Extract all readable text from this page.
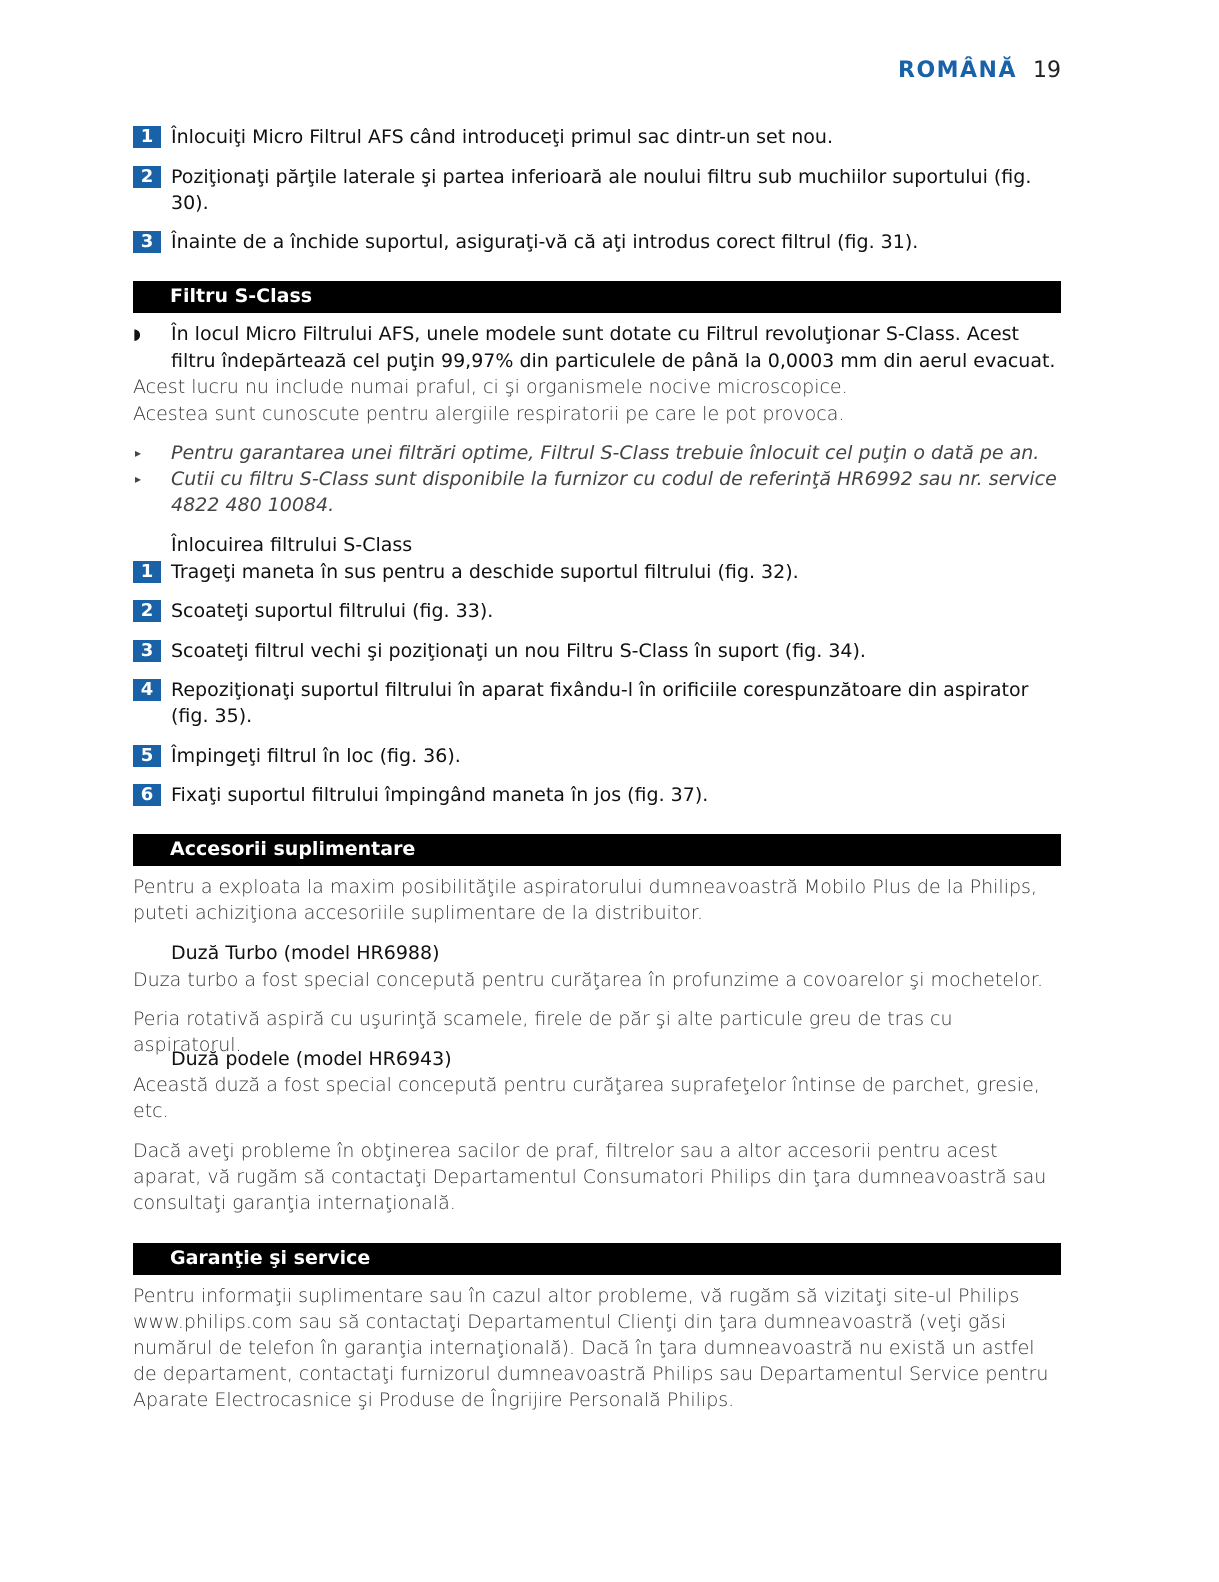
ROMÂNĂ 19
1 Înlocuiţi Micro Filtrul AFS când introduceţi primul sac dintr-un set nou.
2 Poziţionaţi părţile laterale şi partea inferioară ale noului filtru sub muchiilor suportului (fig. 30).
3 Înainte de a închide suportul, asiguraţi-vă că aţi introdus corect filtrul (fig. 31).
Filtru S-Class
◗ În locul Micro Filtrului AFS, unele modele sunt dotate cu Filtrul revoluţionar S-Class. Acest filtru îndepărtează cel puţin 99,97% din particulele de până la 0,0003 mm din aerul evacuat.
Acest lucru nu include numai praful, ci şi organismele nocive microscopice.
Acestea sunt cunoscute pentru alergiile respiratorii pe care le pot provoca.
▸ Pentru garantarea unei filtrări optime, Filtrul S-Class trebuie înlocuit cel puţin o dată pe an.
▸ Cutii cu filtru S-Class sunt disponibile la furnizor cu codul de referinţă HR6992 sau nr. service 4822 480 10084.
Înlocuirea filtrului S-Class
1 Trageţi maneta în sus pentru a deschide suportul filtrului (fig. 32).
2 Scoateţi suportul filtrului (fig. 33).
3 Scoateţi filtrul vechi şi poziţionaţi un nou Filtru S-Class în suport (fig. 34).
4 Repoziţionaţi suportul filtrului în aparat fixându-l în orificiile corespunzătoare din aspirator (fig. 35).
5 Împingeţi filtrul în loc (fig. 36).
6 Fixaţi suportul filtrului împingând maneta în jos (fig. 37).
Accesorii suplimentare
Pentru a exploata la maxim posibilităţile aspiratorului dumneavoastră Mobilo Plus de la Philips, puteti achiziţiona accesoriile suplimentare de la distribuitor.
Duză Turbo (model HR6988)
Duza turbo a fost special concepută pentru curăţarea în profunzime a covoarelor şi mochetelor.
Peria rotativă aspiră cu uşurinţă scamele, firele de păr şi alte particule greu de tras cu aspiratorul.
Duză podele (model HR6943)
Această duză a fost special concepută pentru curăţarea suprafeţelor întinse de parchet, gresie, etc.
Dacă aveţi probleme în obţinerea sacilor de praf, filtrelor sau a altor accesorii pentru acest aparat, vă rugăm să contactaţi Departamentul Consumatori Philips din ţara dumneavoastră sau consultaţi garanţia internaţională.
Garanţie şi service
Pentru informaţii suplimentare sau în cazul altor probleme, vă rugăm să vizitaţi site-ul Philips www.philips.com sau să contactaţi Departamentul Clienţi din ţara dumneavoastră (veţi găsi numărul de telefon în garanţia internaţională). Dacă în ţara dumneavoastră nu există un astfel de departament, contactaţi furnizorul dumneavoastră Philips sau Departamentul Service pentru Aparate Electrocasnice şi Produse de Îngrijire Personală Philips.
